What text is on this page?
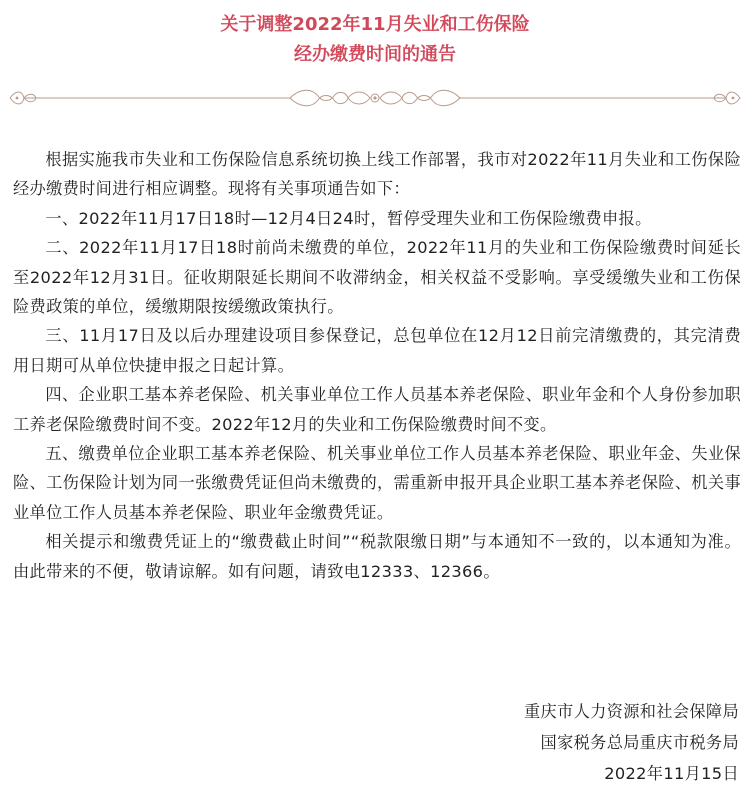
关于调整2022年11月失业和工伤保险
经办缴费时间的通告

根据实施我市失业和工伤保险信息系统切换上线工作部署，我市对2022年11月失业和工伤保险经办缴费时间进行相应调整。现将有关事项通告如下：

一、2022年11月17日18时—12月4日24时，暂停受理失业和工伤保险缴费申报。

二、2022年11月17日18时前尚未缴费的单位，2022年11月的失业和工伤保险缴费时间延长至2022年12月31日。征收期限延长期间不收滞纳金，相关权益不受影响。享受缓缴失业和工伤保险费政策的单位，缓缴期限按缓缴政策执行。

三、11月17日及以后办理建设项目参保登记，总包单位在12月12日前完清缴费的，其完清费用日期可从单位快捷申报之日起计算。

四、企业职工基本养老保险、机关事业单位工作人员基本养老保险、职业年金和个人身份参加职工养老保险缴费时间不变。2022年12月的失业和工伤保险缴费时间不变。

五、缴费单位企业职工基本养老保险、机关事业单位工作人员基本养老保险、职业年金、失业保险、工伤保险计划为同一张缴费凭证但尚未缴费的，需重新申报开具企业职工基本养老保险、机关事业单位工作人员基本养老保险、职业年金缴费凭证。

相关提示和缴费凭证上的“缴费截止时间”“税款限缴日期”与本通知不一致的，以本通知为准。由此带来的不便，敬请谅解。如有问题，请致电12333、12366。

重庆市人力资源和社会保障局
国家税务总局重庆市税务局
2022年11月15日
